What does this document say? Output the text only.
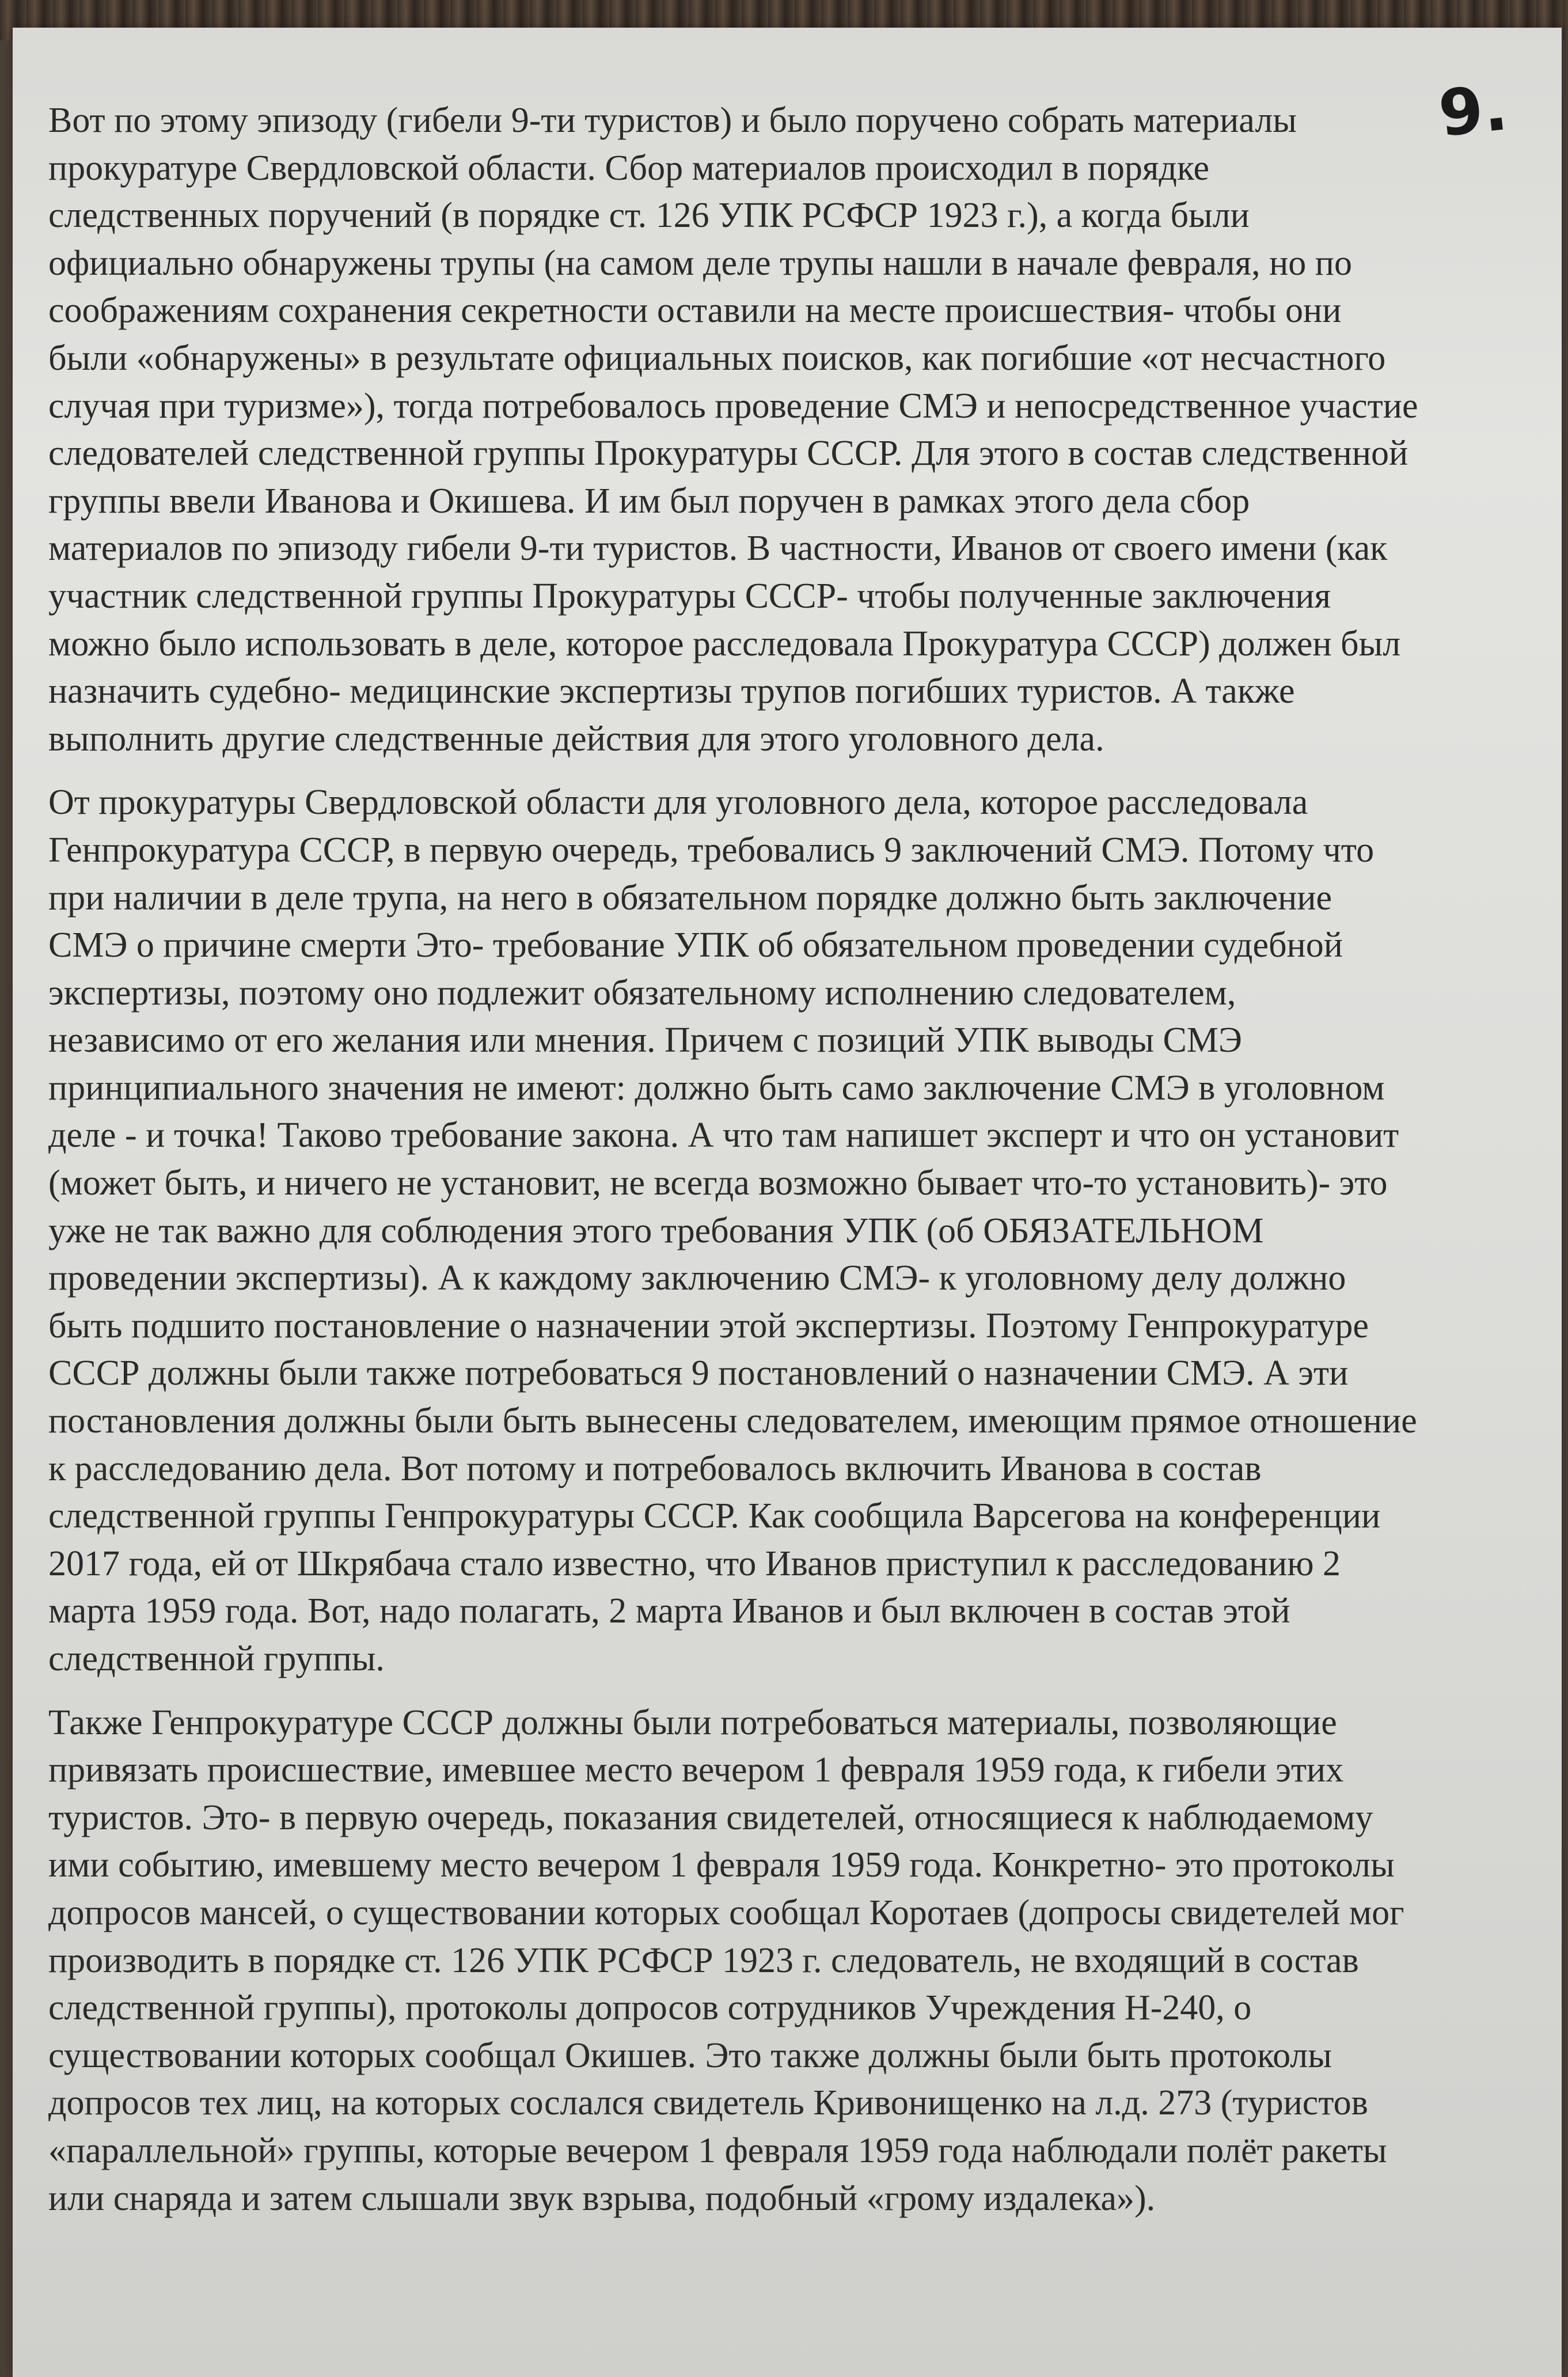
9.

Вот по этому эпизоду (гибели 9-ти туристов) и было поручено собрать материалы
прокуратуре Свердловской области. Сбор материалов происходил в порядке
следственных поручений (в порядке ст. 126 УПК РСФСР 1923 г.), а когда были
официально обнаружены трупы (на самом деле трупы нашли в начале февраля, но по
соображениям сохранения секретности оставили на месте происшествия- чтобы они
были «обнаружены» в результате официальных поисков, как погибшие «от несчастного
случая при туризме»), тогда потребовалось проведение СМЭ и непосредственное участие
следователей следственной группы Прокуратуры СССР. Для этого в состав следственной
группы ввели Иванова и Окишева. И им был поручен в рамках этого дела сбор
материалов по эпизоду гибели 9-ти туристов. В частности, Иванов от своего имени (как
участник следственной группы Прокуратуры СССР- чтобы полученные заключения
можно было использовать в деле, которое расследовала Прокуратура СССР) должен был
назначить судебно- медицинские экспертизы трупов погибших туристов. А также
выполнить другие следственные действия для этого уголовного дела.

От прокуратуры Свердловской области для уголовного дела, которое расследовала
Генпрокуратура СССР, в первую очередь, требовались 9 заключений СМЭ. Потому что
при наличии в деле трупа, на него в обязательном порядке должно быть заключение
СМЭ о причине смерти Это- требование УПК об обязательном проведении судебной
экспертизы, поэтому оно подлежит обязательному исполнению следователем,
независимо от его желания или мнения. Причем с позиций УПК выводы СМЭ
принципиального значения не имеют: должно быть само заключение СМЭ в уголовном
деле - и точка! Таково требование закона. А что там напишет эксперт и что он установит
(может быть, и ничего не установит, не всегда возможно бывает что-то установить)- это
уже не так важно для соблюдения этого требования УПК (об ОБЯЗАТЕЛЬНОМ
проведении экспертизы). А к каждому заключению СМЭ- к уголовному делу должно
быть подшито постановление о назначении этой экспертизы. Поэтому Генпрокуратуре
СССР должны были также потребоваться 9 постановлений о назначении СМЭ. А эти
постановления должны были быть вынесены следователем, имеющим прямое отношение
к расследованию дела. Вот потому и потребовалось включить Иванова в состав
следственной группы Генпрокуратуры СССР. Как сообщила Варсегова на конференции
2017 года, ей от Шкрябача стало известно, что Иванов приступил к расследованию 2
марта 1959 года. Вот, надо полагать, 2 марта Иванов и был включен в состав этой
следственной группы.

Также Генпрокуратуре СССР должны были потребоваться материалы, позволяющие
привязать происшествие, имевшее место вечером 1 февраля 1959 года, к гибели этих
туристов. Это- в первую очередь, показания свидетелей, относящиеся к наблюдаемому
ими событию, имевшему место вечером 1 февраля 1959 года. Конкретно- это протоколы
допросов мансей, о существовании которых сообщал Коротаев (допросы свидетелей мог
производить в порядке ст. 126 УПК РСФСР 1923 г. следователь, не входящий в состав
следственной группы), протоколы допросов сотрудников Учреждения Н-240, о
существовании которых сообщал Окишев. Это также должны были быть протоколы
допросов тех лиц, на которых сослался свидетель Кривонищенко на л.д. 273 (туристов
«параллельной» группы, которые вечером 1 февраля 1959 года наблюдали полёт ракеты
или снаряда и затем слышали звук взрыва, подобный «грому издалека»).
